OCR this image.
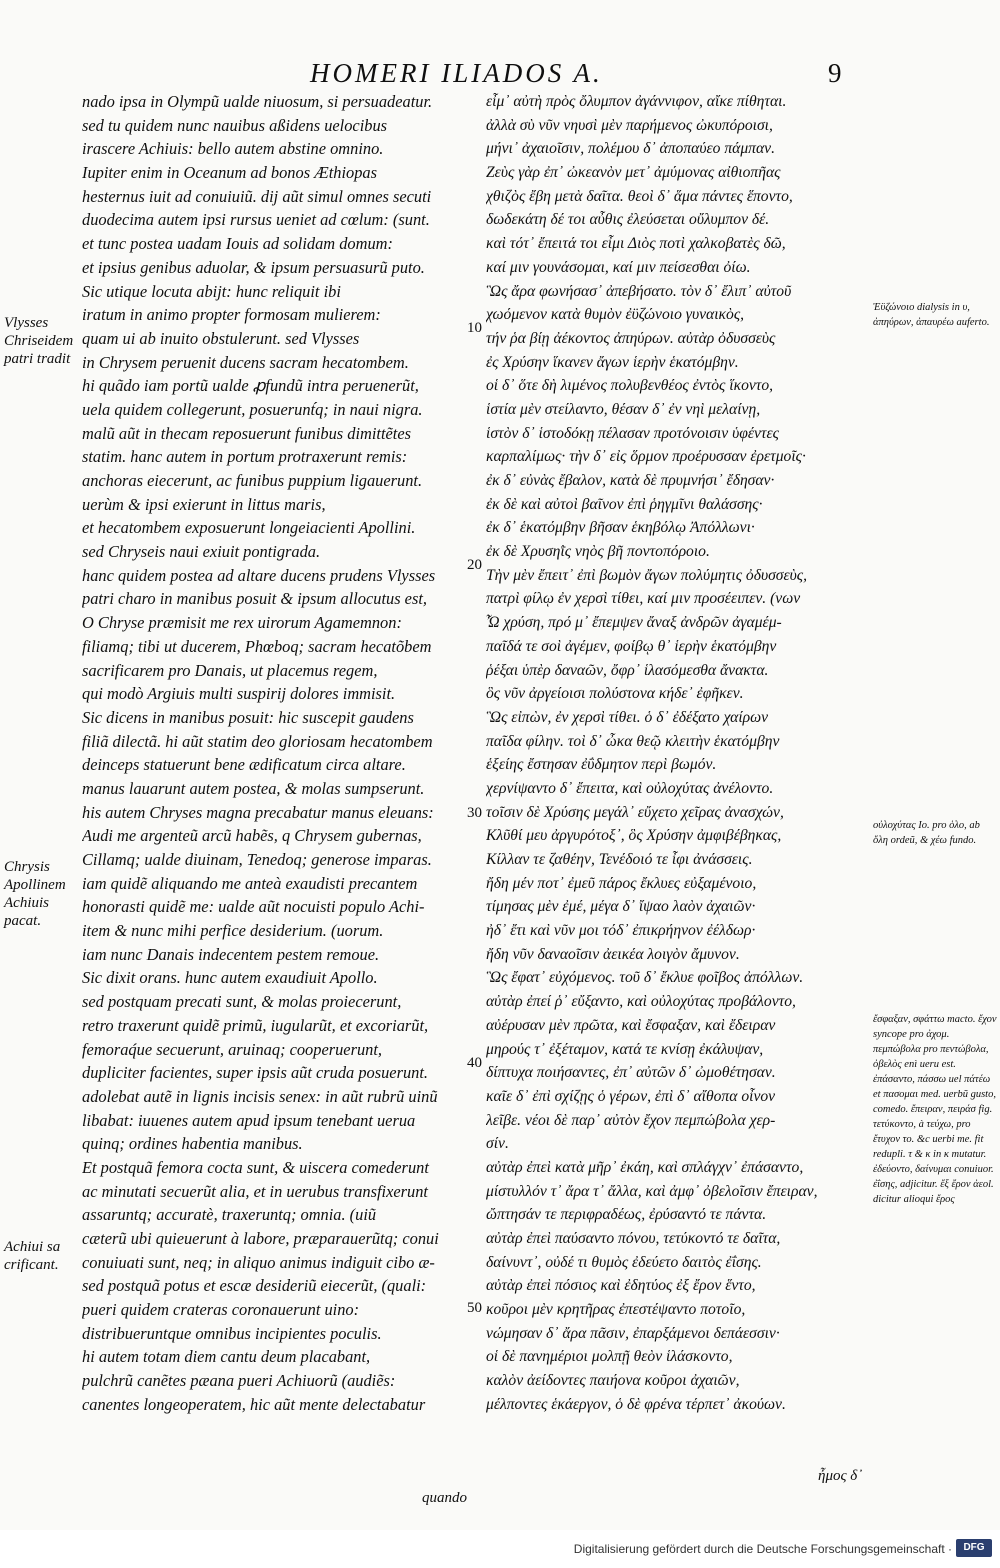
HOMERI ILIADOS A.	9
nado ipsa in Olympũ ualde niuosum, si persuadeatur.
sed tu quidem nunc nauibus aßidens uelocibus
irascere Achiuis: bello autem abstine omnino.
Iupiter enim in Oceanum ad bonos Æthiopas
hesternus iuit ad conuiuiũ. dij aũt simul omnes secuti
duodecima autem ipsi rursus ueniet ad cœlum: (sunt.
et tunc postea uadam Iouis ad solidam domum:
et ipsius genibus aduolar, & ipsum persuasurũ puto.
Sic utique locuta abijt: hunc reliquit ibi
iratum in animo propter formosam mulierem:
quam ui ab inuito obstulerunt. sed Vlysses
in Chrysem peruenit ducens sacram hecatombem.
hi quãdo iam portũ ualde ꝓfundũ intra peruenerũt,
uela quidem collegerunt, posuerunt́q; in naui nigra.
malũ aũt in thecam reposuerunt funibus dimittẽtes
statim. hanc autem in portum protraxerunt remis:
anchoras eiecerunt, ac funibus puppium ligauerunt.
uerùm & ipsi exierunt in littus maris,
et hecatombem exposuerunt longeiacienti Apollini.
sed Chryseis naui exiuit pontigrada.
hanc quidem postea ad altare ducens prudens Vlysses
patri charo in manibus posuit & ipsum allocutus est,
O Chryse præmisit me rex uirorum Agamemnon:
filiamq; tibi ut ducerem, Phœboq; sacram hecatõbem
sacrificarem pro Danais, ut placemus regem,
qui modò Argiuis multi suspirij dolores immisit.
Sic dicens in manibus posuit: hic suscepit gaudens
filiã dilectã. hi aũt statim deo gloriosam hecatombem
deinceps statuerunt bene ædificatum circa altare.
manus lauarunt autem postea, & molas sumpserunt.
his autem Chryses magna precabatur manus eleuans:
Audi me argenteũ arcũ habẽs, q Chrysem gubernas,
Cillamq; ualde diuinam, Tenedoq; generose imparas.
iam quidẽ aliquando me anteà exaudisti precantem
honorasti quidẽ me: ualde aũt nocuisti populo Achi-
item & nunc mihi perfice desiderium. (uorum.
iam nunc Danais indecentem pestem remoue.
Sic dixit orans. hunc autem exaudiuit Apollo.
sed postquam precati sunt, & molas proiecerunt,
retro traxerunt quidẽ primũ, iugularũt, et excoriarũt,
femoraq́ue secuerunt, aruinaq; cooperuerunt,
dupliciter facientes, super ipsis aũt cruda posuerunt.
adolebat autẽ in lignis incisis senex: in aũt rubrũ uinũ
libabat: iuuenes autem apud ipsum tenebant uerua
quinq; ordines habentia manibus.
Et postquã femora cocta sunt, & uiscera comederunt
ac minutati secuerũt alia, et in uerubus transfixerunt
assaruntq; accuratè, traxeruntq; omnia. (uiũ
cæterũ ubi quieuerunt à labore, præparauerũtq; conui
conuiuati sunt, neq; in aliquo animus indiguit cibo æ-
sed postquã potus et escæ desideriũ eiecerũt, (quali:
pueri quidem crateras coronauerunt uino:
distribueruntque omnibus incipientes poculis.
hi autem totam diem cantu deum placabant,
pulchrũ canẽtes pæana pueri Achiuorũ (audiẽs:
canentes longeoperatem, hic aũt mente delectabatur
εἶμ᾽ αὐτὴ πρὸς ὄλυμπον ἀγάννιφον, αἴκε πίθηται.
ἀλλὰ σὺ νῦν νηυσὶ μὲν παρήμενος ὠκυπόροισι,
μήνι᾽ ἀχαιοῖσιν, πολέμου δ᾽ ἀποπαύεο πάμπαν.
Ζεὺς γὰρ ἐπ᾽ ὠκεανὸν μετ᾽ ἀμύμονας αἰθιοπῆας
χθιζὸς ἔβη μετὰ δαῖτα. θεοὶ δ᾽ ἅμα πάντες ἕποντο,
δωδεκάτη δέ τοι αὖθις ἐλεύσεται οὔλυμπον δέ.
καὶ τότ᾽ ἔπειτά τοι εἶμι Διὸς ποτὶ χαλκοβατὲς δῶ,
καί μιν γουνάσομαι, καί μιν πείσεσθαι ὀίω.
Ὣς ἄρα φωνήσασ᾽ ἀπεβήσατο. τὸν δ᾽ ἔλιπ᾽ αὐτοῦ
χωόμενον κατὰ θυμὸν ἐϋζώνοιο γυναικὸς,
τήν ῥα βίῃ ἀέκοντος ἀπηύρων. αὐτὰρ ὀδυσσεὺς
ἐς Χρύσην ἵκανεν ἄγων ἱερὴν ἑκατόμβην.
οἱ δ᾽ ὅτε δὴ λιμένος πολυβενθέος ἐντὸς ἵκοντο,
ἱστία μὲν στείλαντο, θέσαν δ᾽ ἐν νηὶ μελαίνῃ,
ἱστὸν δ᾽ ἱστοδόκῃ πέλασαν προτόνοισιν ὑφέντες
καρπαλίμως· τὴν δ᾽ εἰς ὅρμον προέρυσσαν ἐρετμοῖς·
ἐκ δ᾽ εὐνὰς ἔβαλον, κατὰ δὲ πρυμνήσι᾽ ἔδησαν·
ἐκ δὲ καὶ αὐτοὶ βαῖνον ἐπὶ ῥηγμῖνι θαλάσσης·
ἐκ δ᾽ ἑκατόμβην βῆσαν ἑκηβόλῳ Ἀπόλλωνι·
ἐκ δὲ Χρυσηῒς νηὸς βῆ ποντοπόροιο.
Τὴν μὲν ἔπειτ᾽ ἐπὶ βωμὸν ἄγων πολύμητις ὀδυσσεὺς,
πατρὶ φίλῳ ἐν χερσὶ τίθει, καί μιν προσέειπεν. (νων
Ὦ χρύση, πρό μ᾽ ἔπεμψεν ἄναξ ἀνδρῶν ἀγαμέμ-
παῖδά τε σοὶ ἀγέμεν, φοίβῳ θ᾽ ἱερὴν ἑκατόμβην
ῥέξαι ὑπὲρ δαναῶν, ὄφρ᾽ ἱλασόμεσθα ἄνακτα.
ὃς νῦν ἀργείοισι πολύστονα κήδε᾽ ἐφῆκεν.
Ὣς εἰπὼν, ἐν χερσὶ τίθει. ὁ δ᾽ ἐδέξατο χαίρων
παῖδα φίλην. τοὶ δ᾽ ὦκα θεῷ κλειτὴν ἑκατόμβην
ἑξείης ἔστησαν ἐΰδμητον περὶ βωμόν.
χερνίψαντο δ᾽ ἔπειτα, καὶ οὐλοχύτας ἀνέλοντο.
τοῖσιν δὲ Χρύσης μεγάλ᾽ εὔχετο χεῖρας ἀνασχών,
Κλῦθί μευ ἀργυρότοξ᾽, ὃς Χρύσην ἀμφιβέβηκας,
Κίλλαν τε ζαθέην, Τενέδοιό τε ἶφι ἀνάσσεις.
ἤδη μέν ποτ᾽ ἐμεῦ πάρος ἔκλυες εὐξαμένοιο,
τίμησας μὲν ἐμέ, μέγα δ᾽ ἴψαο λαὸν ἀχαιῶν·
ἠδ᾽ ἔτι καὶ νῦν μοι τόδ᾽ ἐπικρήηνον ἐέλδωρ·
ἤδη νῦν δαναοῖσιν ἀεικέα λοιγὸν ἄμυνον.
Ὣς ἔφατ᾽ εὐχόμενος. τοῦ δ᾽ ἔκλυε φοῖβος ἀπόλλων.
αὐτὰρ ἐπεί ῥ᾽ εὔξαντο, καὶ οὐλοχύτας προβάλοντο,
αὐέρυσαν μὲν πρῶτα, καὶ ἔσφαξαν, καὶ ἔδειραν
μηρούς τ᾽ ἐξέταμον, κατά τε κνίσῃ ἐκάλυψαν,
δίπτυχα ποιήσαντες, ἐπ᾽ αὐτῶν δ᾽ ὠμοθέτησαν.
καῖε δ᾽ ἐπὶ σχίζῃς ὁ γέρων, ἐπὶ δ᾽ αἴθοπα οἶνον
λεῖβε. νέοι δὲ παρ᾽ αὐτὸν ἔχον πεμπώβολα χερ-
σίν.
αὐτὰρ ἐπεὶ κατὰ μῆρ᾽ ἐκάη, καὶ σπλάγχν᾽ ἐπάσαντο,
μίστυλλόν τ᾽ ἄρα τ᾽ ἄλλα, καὶ ἀμφ᾽ ὀβελοῖσιν ἔπειραν,
ὤπτησάν τε περιφραδέως, ἐρύσαντό τε πάντα.
αὐτὰρ ἐπεὶ παύσαντο πόνου, τετύκοντό τε δαῖτα,
δαίνυντ᾽, οὐδέ τι θυμὸς ἐδεύετο δαιτὸς ἐΐσης.
αὐτὰρ ἐπεὶ πόσιος καὶ ἐδητύος ἐξ ἔρον ἕντο,
κοῦροι μὲν κρητῆρας ἐπεστέψαντο ποτοῖο,
νώμησαν δ᾽ ἄρα πᾶσιν, ἐπαρξάμενοι δεπάεσσιν·
οἱ δὲ πανημέριοι μολπῇ θεὸν ἱλάσκοντο,
καλὸν ἀείδοντες παιήονα κοῦροι ἀχαιῶν,
μέλποντες ἑκάεργον, ὁ δὲ φρένα τέρπετ᾽ ἀκούων.
10
20
30
40
50
Vlysses Chriseidem patri tradit
Chrysis Apollinem Achiuis pacat.
Achiui sa crificant.
Ἐϋζώνοιο dialysis in υ, ἀπηύρων, ἀπαυρέω auferto.
οὐλοχύτας Io. pro ὁλο, ab ὅλη ordeũ, & χέω fundo.
ἔσφαξαν, σφάττω macto. ἔχον syncope pro ἀχομ. πεμπώβολα pro πεντώβολα, ὀβελὸς enì ueru est. ἐπάσαντο, πάσσω uel πάτέω et πασομαι med. uerbũ gusto, comedo. ἔπειραν, πειράσ fig. τετύκοντο, à τεύχω, pro ἔτυχον το. &c uerbi me. fit redupli. τ & κ in κ mutatur. ἐδεύοντο, δαίνυμαι conuiuor. ἐΐσης, adjicitur. ἔξ ἔρον ἀεοl. dicitur alioqui ἔρος
quando
ἦμος δ᾽
Digitalisierung gefördert durch die Deutsche Forschungsgemeinschaft ·	DFG
